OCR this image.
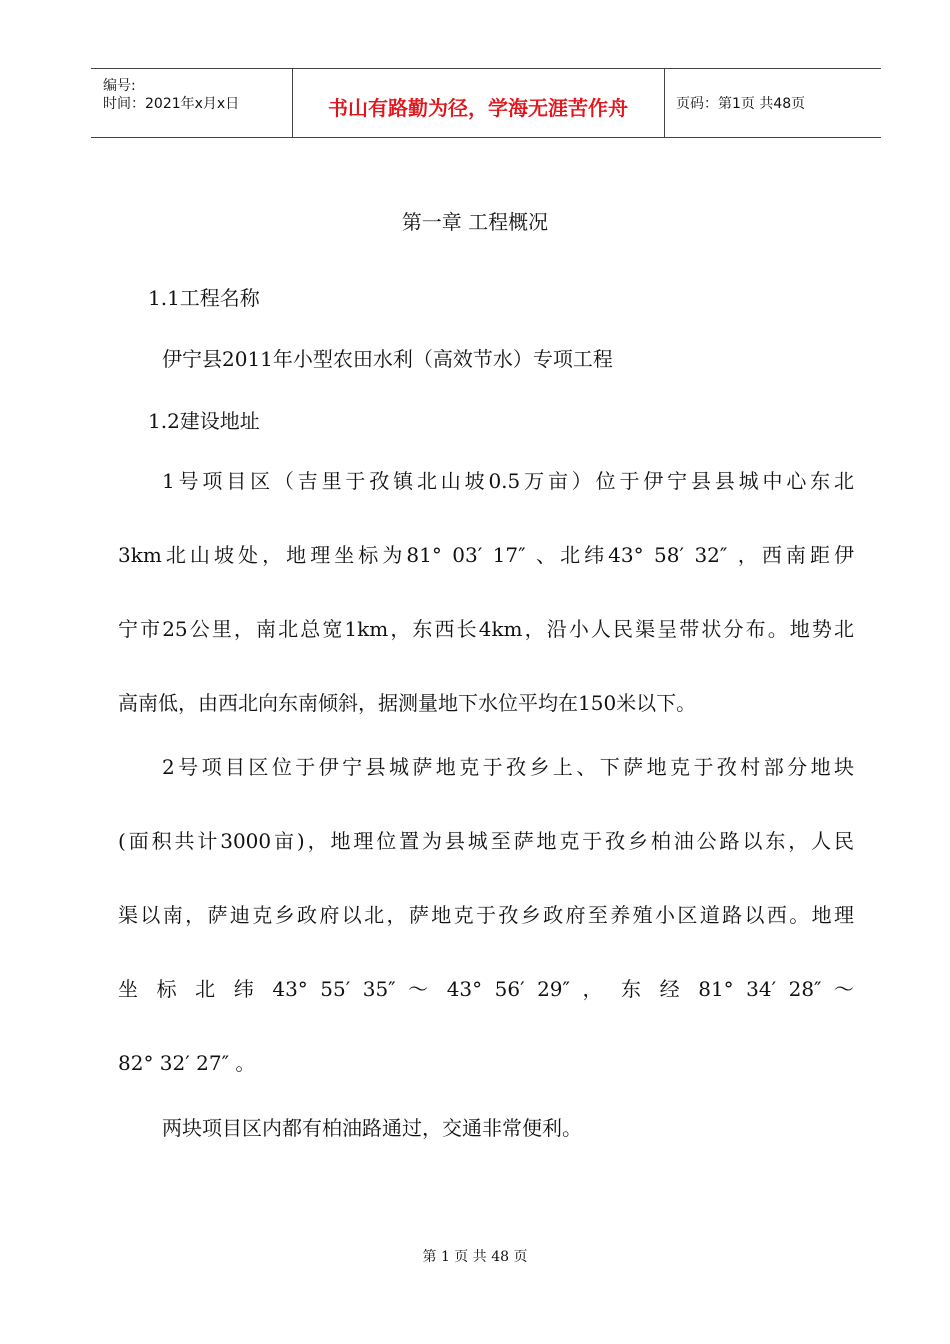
编号:
时间：2021年x月x日	书山有路勤为径，学海无涯苦作舟	页码：第1页 共48页
第一章 工程概况
1.1工程名称
伊宁县2011年小型农田水利（高效节水）专项工程
1.2建设地址
1号项目区（吉里于孜镇北山坡0.5万亩）位于伊宁县县城中心东北
3km北山坡处，地理坐标为81° 03′ 17″ 、北纬43° 58′ 32″ ，西南距伊
宁市25公里，南北总宽1km，东西长4km，沿小人民渠呈带状分布。地势北
高南低，由西北向东南倾斜，据测量地下水位平均在150米以下。
2号项目区位于伊宁县城萨地克于孜乡上、下萨地克于孜村部分地块
(面积共计3000亩)，地理位置为县城至萨地克于孜乡柏油公路以东，人民
渠以南，萨迪克乡政府以北，萨地克于孜乡政府至养殖小区道路以西。地理
坐 标 北 纬 43° 55′ 35″ ～ 43° 56′ 29″ ， 东 经 81° 34′ 28″ ～
82° 32′ 27″ 。
两块项目区内都有柏油路通过，交通非常便利。
第 1 页 共 48 页
